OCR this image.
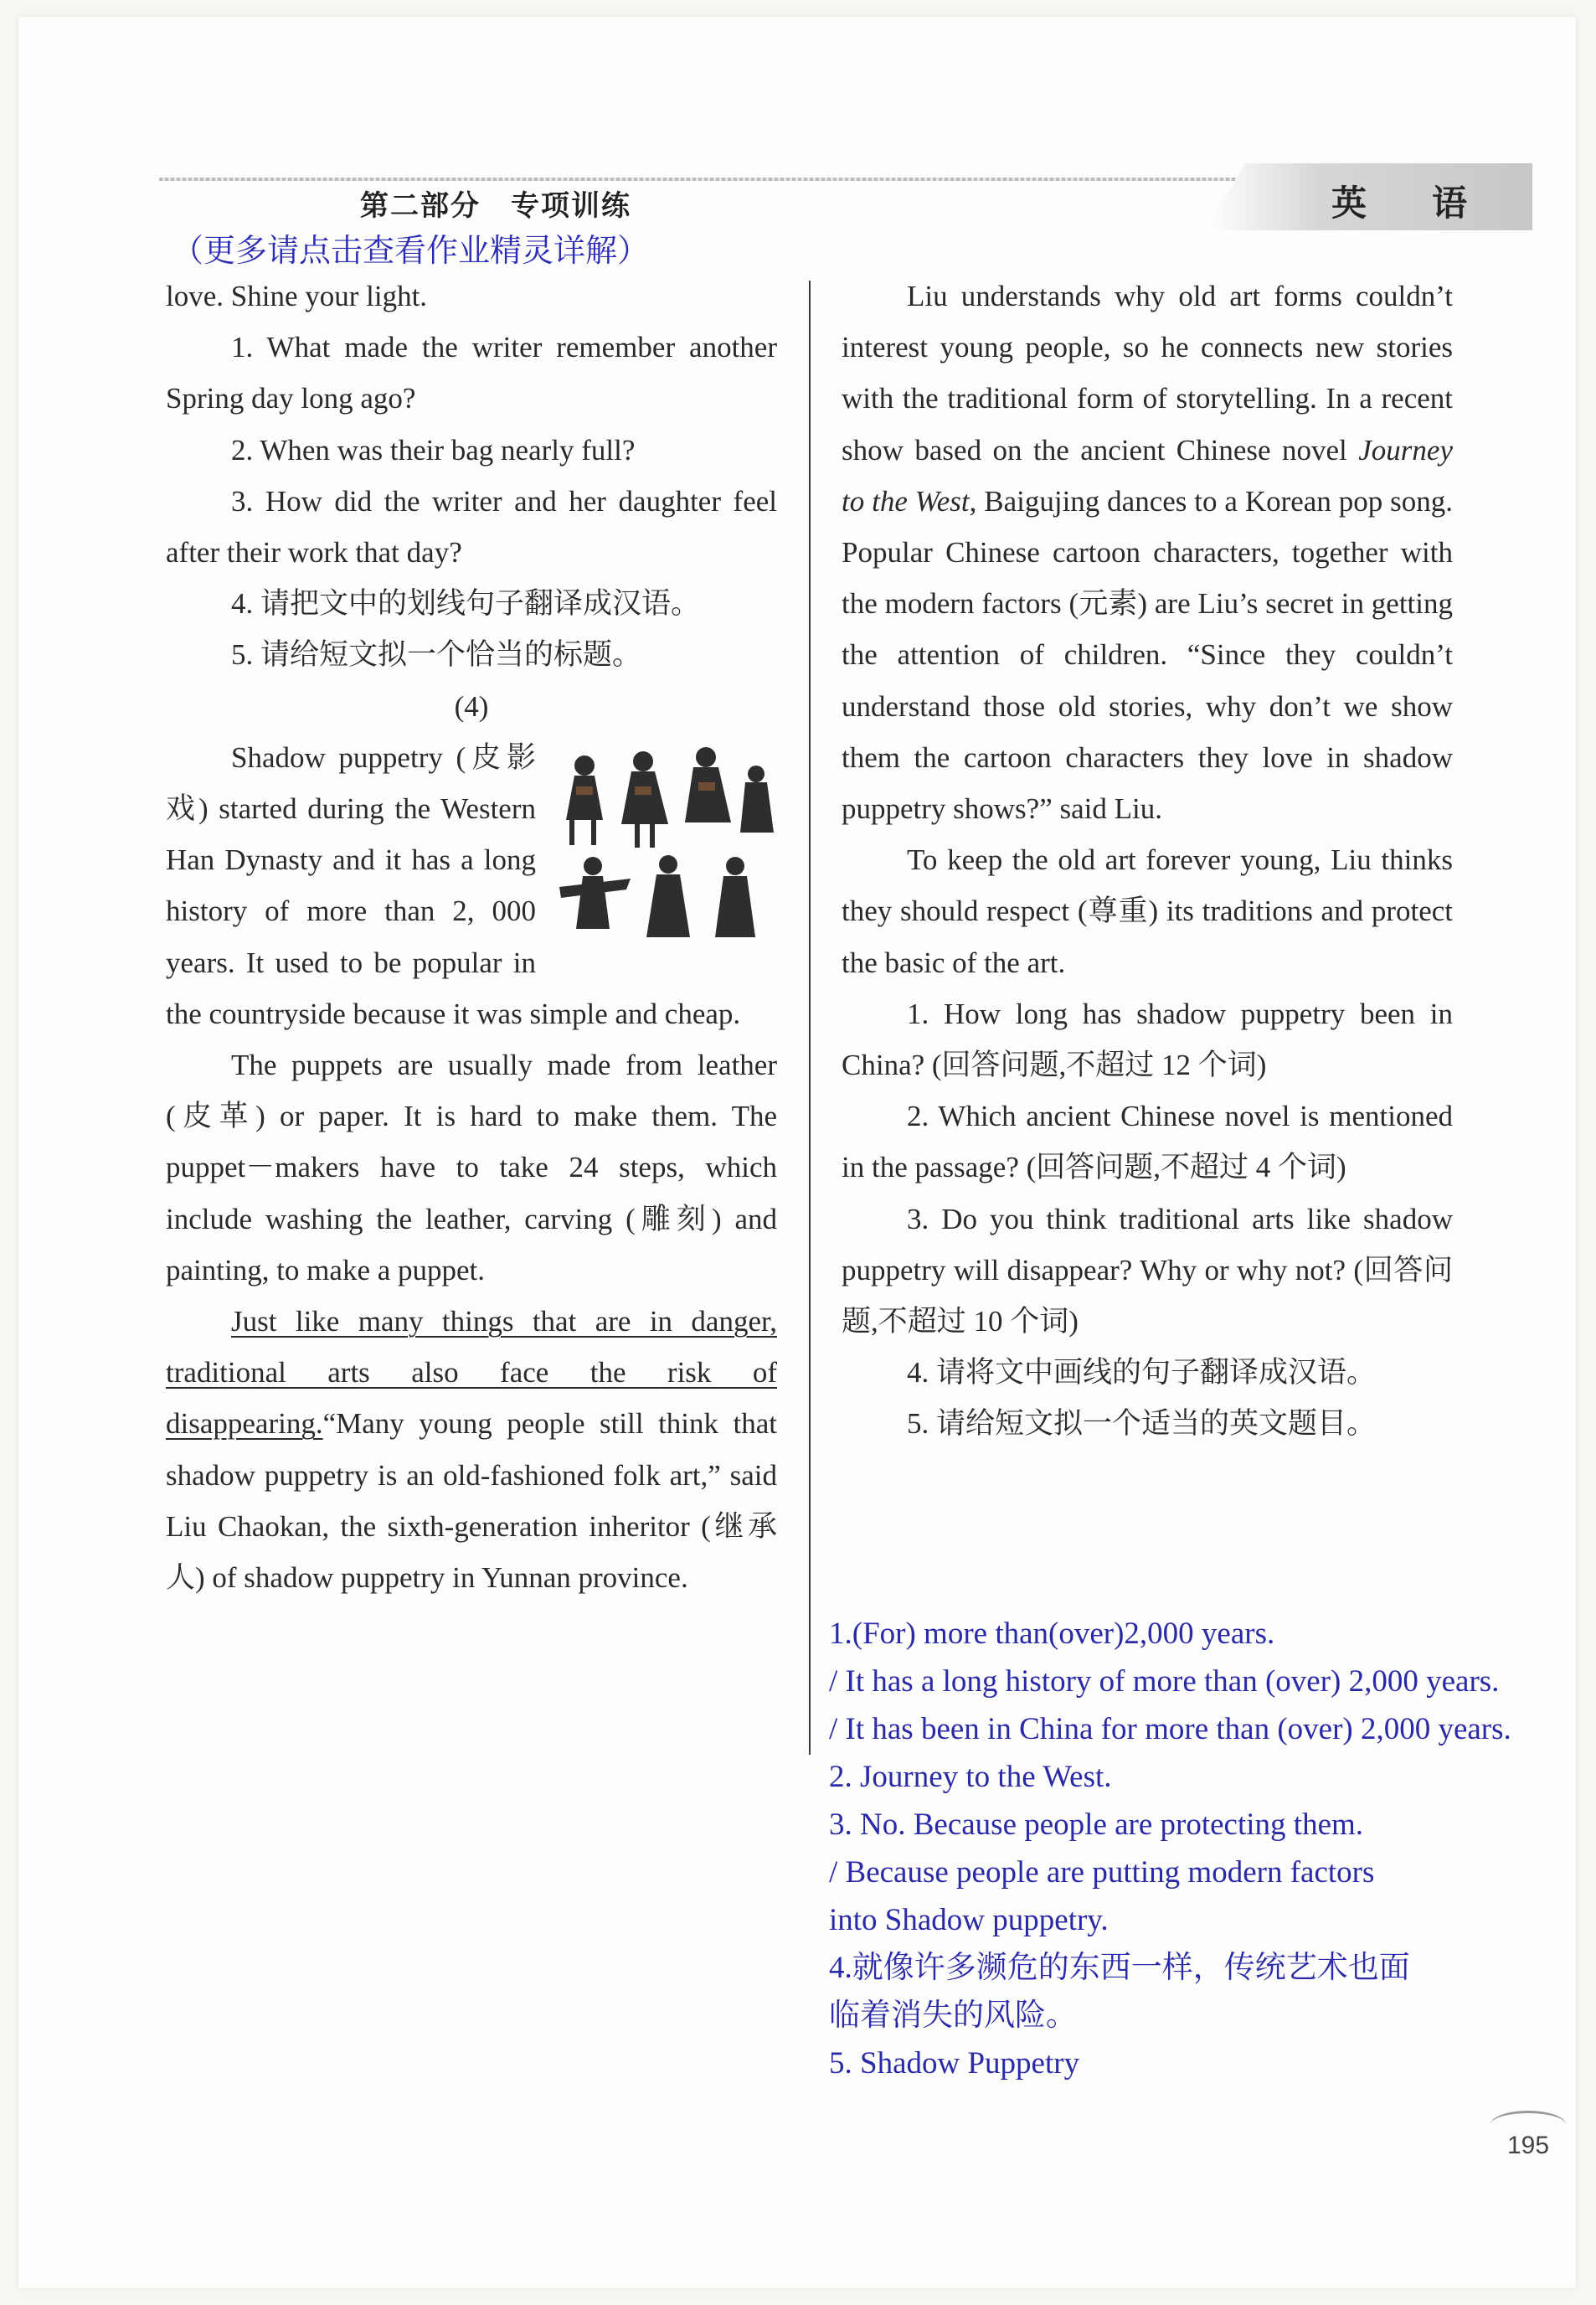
第二部分　专项训练	英　语
（更多请点击查看作业精灵详解）

love. Shine your light.

1. What made the writer remember another Spring day long ago?

2. When was their bag nearly full?

3. How did the writer and her daughter feel after their work that day?

4. 请把文中的划线句子翻译成汉语。

5. 请给短文拟一个恰当的标题。

(4)

Shadow puppetry (皮影戏) started during the Western Han Dynasty and it has a long history of more than 2, 000 years. It used to be popular in the countryside because it was simple and cheap.

The puppets are usually made from leather (皮革) or paper. It is hard to make them. The puppet－makers have to take 24 steps, which include washing the leather, carving (雕刻) and painting, to make a puppet.

Just like many things that are in danger, traditional arts also face the risk of disappearing.“Many young people still think that shadow puppetry is an old-fashioned folk art,” said Liu Chaokan, the sixth-generation inheritor (继承人) of shadow puppetry in Yunnan province.

Liu understands why old art forms couldn’t interest young people, so he connects new stories with the traditional form of storytelling. In a recent show based on the ancient Chinese novel Journey to the West, Baigujing dances to a Korean pop song. Popular Chinese cartoon characters, together with the modern factors (元素) are Liu’s secret in getting the attention of children. “Since they couldn’t understand those old stories, why don’t we show them the cartoon characters they love in shadow puppetry shows?” said Liu.

To keep the old art forever young, Liu thinks they should respect (尊重) its traditions and protect the basic of the art.

1. How long has shadow puppetry been in China? (回答问题,不超过 12 个词)

2. Which ancient Chinese novel is mentioned in the passage? (回答问题,不超过 4 个词)

3. Do you think traditional arts like shadow puppetry will disappear? Why or why not? (回答问题,不超过 10 个词)

4. 请将文中画线的句子翻译成汉语。

5. 请给短文拟一个适当的英文题目。

1.(For) more than(over)2,000 years.
/ It has a long history of more than (over) 2,000 years.
/ It has been in China for more than (over) 2,000 years.
2. Journey to the West.
3. No. Because people are protecting them.
/ Because people are putting modern factors
into Shadow puppetry.
4.就像许多濒危的东西一样，传统艺术也面
临着消失的风险。
5. Shadow Puppetry
195
